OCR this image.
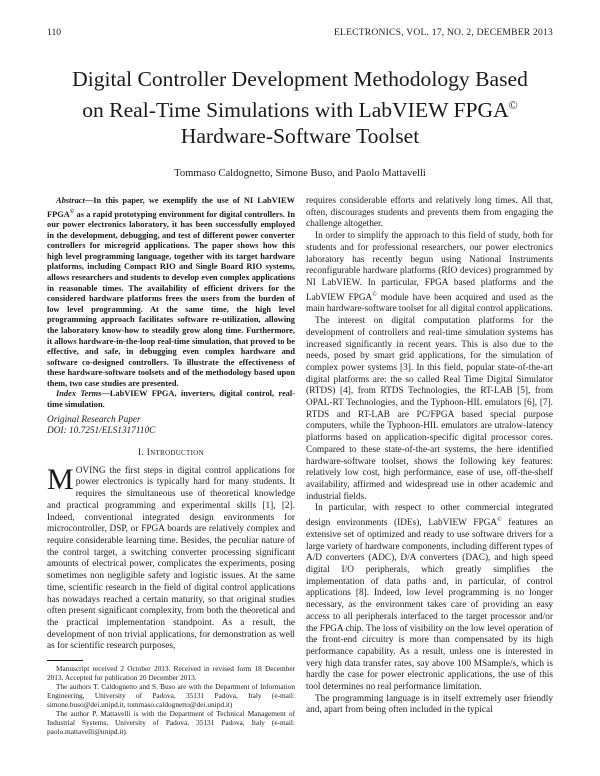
110	ELECTRONICS, VOL. 17, NO. 2, DECEMBER 2013
Digital Controller Development Methodology Based
on Real-Time Simulations with LabVIEW FPGA©
Hardware-Software Toolset
Tommaso Caldognetto, Simone Buso, and Paolo Mattavelli

Abstract—In this paper, we exemplify the use of NI LabVIEW FPGA© as a rapid prototyping environment for digital controllers. In our power electronics laboratory, it has been successfully employed in the development, debugging, and test of different power converter controllers for microgrid applications. The paper shows how this high level programming language, together with its target hardware platforms, including Compact RIO and Single Board RIO systems, allows researchers and students to develop even complex applications in reasonable times. The availability of efficient drivers for the considered hardware platforms frees the users from the burden of low level programming. At the same time, the high level programming approach facilitates software re-utilization, allowing the laboratory know-how to steadily grow along time. Furthermore, it allows hardware-in-the-loop real-time simulation, that proved to be effective, and safe, in debugging even complex hardware and software co-designed controllers. To illustrate the effectiveness of these hardware-software toolsets and of the methodology based upon them, two case studies are presented.

Index Terms—LabVIEW FPGA, inverters, digital control, real-time simulation.

Original Research Paper
DOI: 10.7251/ELS1317110C
I. Introduction

MOVING the first steps in digital control applications for power electronics is typically hard for many students. It requires the simultaneous use of theoretical knowledge and practical programming and experimental skills [1], [2]. Indeed, conventional integrated design environments for microcontroller, DSP, or FPGA boards are relatively complex and require considerable learning time. Besides, the peculiar nature of the control target, a switching converter processing significant amounts of electrical power, complicates the experiments, posing sometimes non negligible safety and logistic issues. At the same time, scientific research in the field of digital control applications has nowadays reached a certain maturity, so that original studies often present significant complexity, from both the theoretical and the practical implementation standpoint. As a result, the development of non trivial applications, for demonstration as well as for scientific research purposes,

Manuscript received 2 October 2013. Received in revised form 18 December 2013. Accepted for publication 20 December 2013.

The authors T. Caldognetto and S. Buso are with the Department of Information Engineering, University of Padova, 35131 Padova, Italy (e-mail: simone.buso@dei.unipd.it, tommaso.caldognetto@dei.unipd.it)

The author P. Mattavelli is with the Department of Technical Management of Industrial Systems, University of Padova, 35131 Padova, Italy (e-mail: paolo.mattavelli@unipd.it).

requires considerable efforts and relatively long times. All that, often, discourages students and prevents them from engaging the challenge altogether.

In order to simplify the approach to this field of study, both for students and for professional researchers, our power electronics laboratory has recently begun using National Instruments reconfigurable hardware platforms (RIO devices) programmed by NI LabVIEW. In particular, FPGA based platforms and the LabVIEW FPGA© module have been acquired and used as the main hardware-software toolset for all digital control applications.

The interest on digital computation platforms for the development of controllers and real-time simulation systems has increased significantly in recent years. This is also due to the needs, posed by smart grid applications, for the simulation of complex power systems [3]. In this field, popular state-of-the-art digital platforms are: the so called Real Time Digital Simulator (RTDS) [4], from RTDS Technologies, the RT-LAB [5], from OPAL-RT Technologies, and the Typhoon-HIL emulators [6], [7]. RTDS and RT-LAB are PC/FPGA based special purpose computers, while the Typhoon-HIL emulators are utralow-latency platforms based on application-specific digital processor cores. Compared to these state-of-the-art systems, the here identified hardware-software toolset, shows the following key features: relatively low cost, high performance, ease of use, off-the-shelf availability, affirmed and widespread use in other academic and industrial fields.

In particular, with respect to other commercial integrated design environments (IDEs), LabVIEW FPGA© features an extensive set of optimized and ready to use software drivers for a large variety of hardware components, including different types of A/D converters (ADC), D/A converters (DAC), and high speed digital I/O peripherals, which greatly simplifies the implementation of data paths and, in particular, of control applications [8]. Indeed, low level programming is no longer necessary, as the environment takes care of providing an easy access to all peripherals interfaced to the target processor and/or the FPGA chip. The loss of visibility on the low level operation of the front-end circuitry is more than compensated by its high performance capability. As a result, unless one is interested in very high data transfer rates, say above 100 MSample/s, which is hardly the case for power electronic applications, the use of this tool determines no real performance limitation.

The programming language is in itself extremely user friendly and, apart from being often included in the typical
